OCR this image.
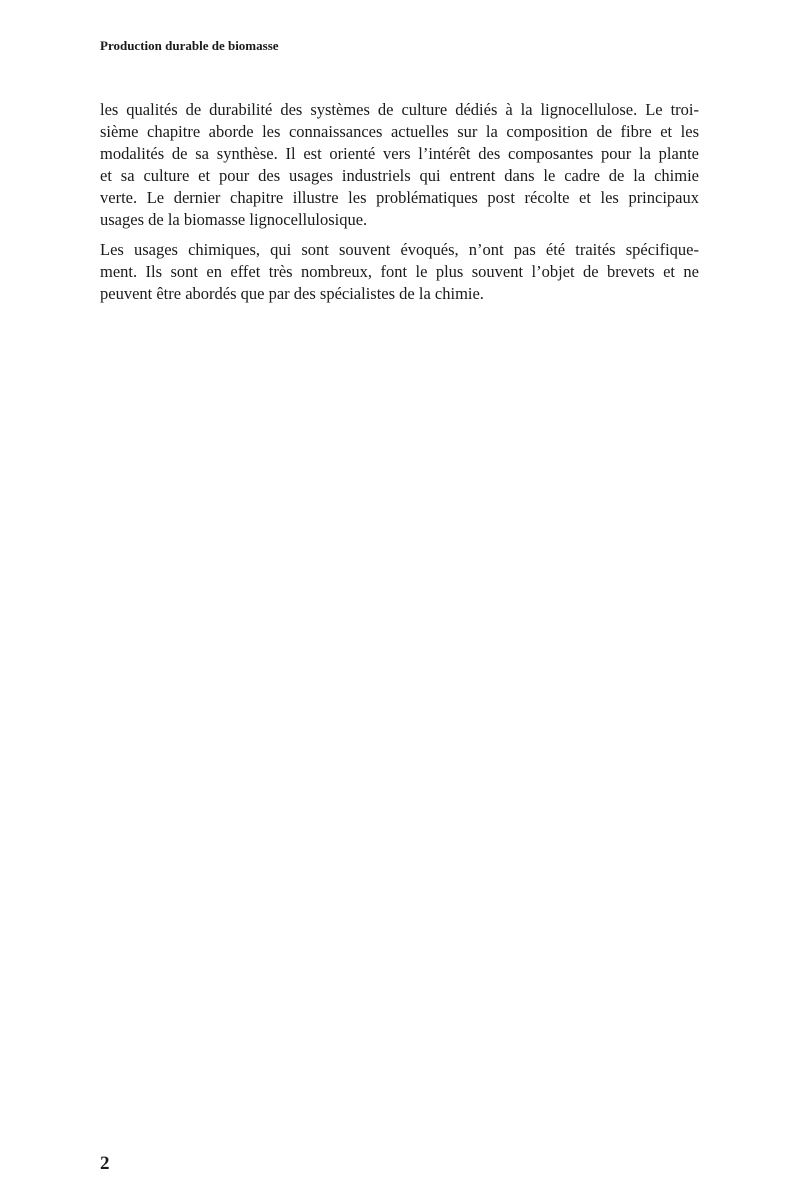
Production durable de biomasse

les qualités de durabilité des systèmes de culture dédiés à la lignocellulose. Le troi-
sième chapitre aborde les connaissances actuelles sur la composition de fibre et les
modalités de sa synthèse. Il est orienté vers l’intérêt des composantes pour la plante
et sa culture et pour des usages industriels qui entrent dans le cadre de la chimie
verte. Le dernier chapitre illustre les problématiques post récolte et les principaux
usages de la biomasse lignocellulosique.

Les usages chimiques, qui sont souvent évoqués, n’ont pas été traités spécifique-
ment. Ils sont en effet très nombreux, font le plus souvent l’objet de brevets et ne
peuvent être abordés que par des spécialistes de la chimie.

2
